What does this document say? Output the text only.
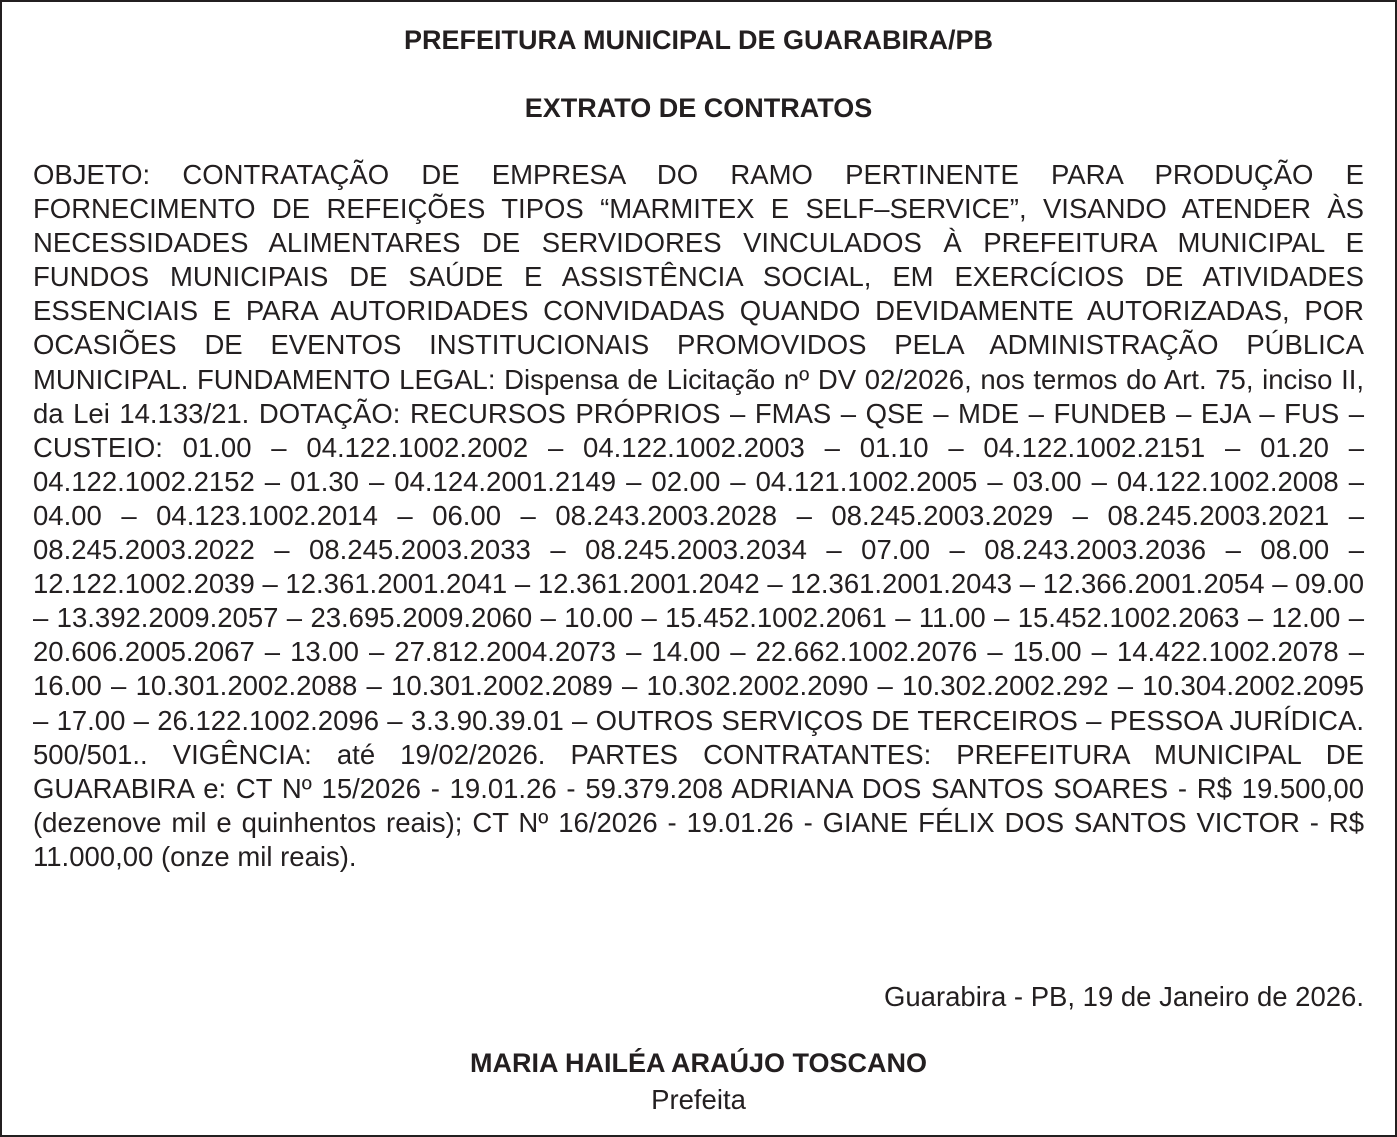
PREFEITURA MUNICIPAL DE GUARABIRA/PB
EXTRATO DE CONTRATOS

OBJETO: CONTRATAÇÃO DE EMPRESA DO RAMO PERTINENTE PARA PRODUÇÃO E FORNECIMENTO DE REFEIÇÕES TIPOS “MARMITEX E SELF–SERVICE”, VISANDO ATENDER ÀS NECESSIDADES ALIMENTARES DE SERVIDORES VINCULADOS À PREFEITURA MUNICIPAL E FUNDOS MUNICIPAIS DE SAÚDE E ASSISTÊNCIA SOCIAL, EM EXERCÍCIOS DE ATIVIDADES ESSENCIAIS E PARA AUTORIDADES CONVIDADAS QUANDO DEVIDAMENTE AUTORIZADAS, POR OCASIÕES DE EVENTOS INSTITUCIONAIS PROMOVIDOS PELA ADMINISTRAÇÃO PÚBLICA MUNICIPAL. FUNDAMENTO LEGAL: Dispensa de Licitação nº DV 02/2026, nos termos do Art. 75, inciso II, da Lei 14.133/21. DOTAÇÃO: RECURSOS PRÓPRIOS – FMAS – QSE – MDE – FUNDEB – EJA – FUS – CUSTEIO: 01.00 – 04.122.1002.2002 – 04.122.1002.2003 – 01.10 – 04.122.1002.2151 – 01.20 – 04.122.1002.2152 – 01.30 – 04.124.2001.2149 – 02.00 – 04.121.1002.2005 – 03.00 – 04.122.1002.2008 – 04.00 – 04.123.1002.2014 – 06.00 – 08.243.2003.2028 – 08.245.2003.2029 – 08.245.2003.2021 – 08.245.2003.2022 – 08.245.2003.2033 – 08.245.2003.2034 – 07.00 – 08.243.2003.2036 – 08.00 – 12.122.1002.2039 – 12.361.2001.2041 – 12.361.2001.2042 – 12.361.2001.2043 – 12.366.2001.2054 – 09.00 – 13.392.2009.2057 – 23.695.2009.2060 – 10.00 – 15.452.1002.2061 – 11.00 – 15.452.1002.2063 – 12.00 – 20.606.2005.2067 – 13.00 – 27.812.2004.2073 – 14.00 – 22.662.1002.2076 – 15.00 – 14.422.1002.2078 – 16.00 – 10.301.2002.2088 – 10.301.2002.2089 – 10.302.2002.2090 – 10.302.2002.292 – 10.304.2002.2095 – 17.00 – 26.122.1002.2096 – 3.3.90.39.01 – OUTROS SERVIÇOS DE TERCEIROS – PESSOA JURÍDICA. 500/501.. VIGÊNCIA: até 19/02/2026. PARTES CONTRATANTES: PREFEITURA MUNICIPAL DE GUARABIRA e: CT Nº 15/2026 - 19.01.26 - 59.379.208 ADRIANA DOS SANTOS SOARES - R$ 19.500,00 (dezenove mil e quinhentos reais); CT Nº 16/2026 - 19.01.26 - GIANE FÉLIX DOS SANTOS VICTOR - R$ 11.000,00 (onze mil reais).

Guarabira - PB, 19 de Janeiro de 2026.

MARIA HAILÉA ARAÚJO TOSCANO

Prefeita
